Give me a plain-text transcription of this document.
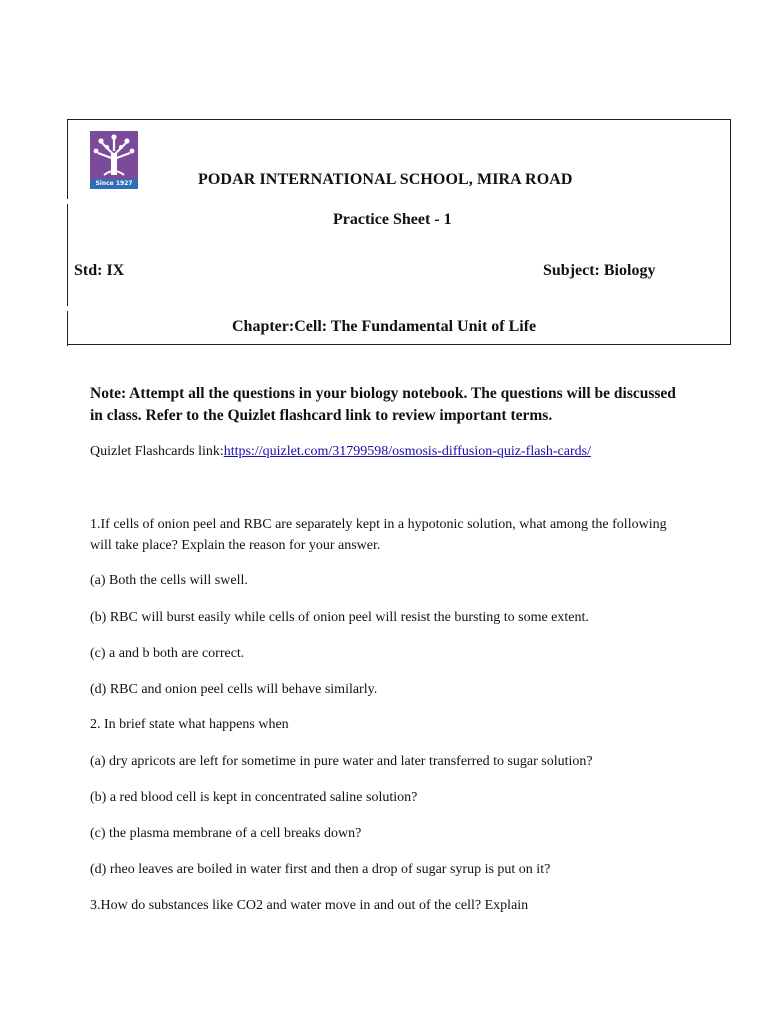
Since 1927	PODAR INTERNATIONAL SCHOOL, MIRA ROAD
Practice Sheet - 1
Std: IX	Subject: Biology
Chapter:Cell: The Fundamental Unit of Life
Note: Attempt all the questions in your biology notebook. The questions will be discussed in class. Refer to the Quizlet flashcard link to review important terms.
Quizlet Flashcards link:https://quizlet.com/31799598/osmosis-diffusion-quiz-flash-cards/
1.If cells of onion peel and RBC are separately kept in a hypotonic solution, what among the following will take place? Explain the reason for your answer.
(a) Both the cells will swell.
(b) RBC will burst easily while cells of onion peel will resist the bursting to some extent.
(c) a and b both are correct.
(d) RBC and onion peel cells will behave similarly.
2. In brief state what happens when
(a) dry apricots are left for sometime in pure water and later transferred to sugar solution?
(b) a red blood cell is kept in concentrated saline solution?
(c) the plasma membrane of a cell breaks down?
(d) rheo leaves are boiled in water first and then a drop of sugar syrup is put on it?
3.How do substances like CO2 and water move in and out of the cell? Explain
